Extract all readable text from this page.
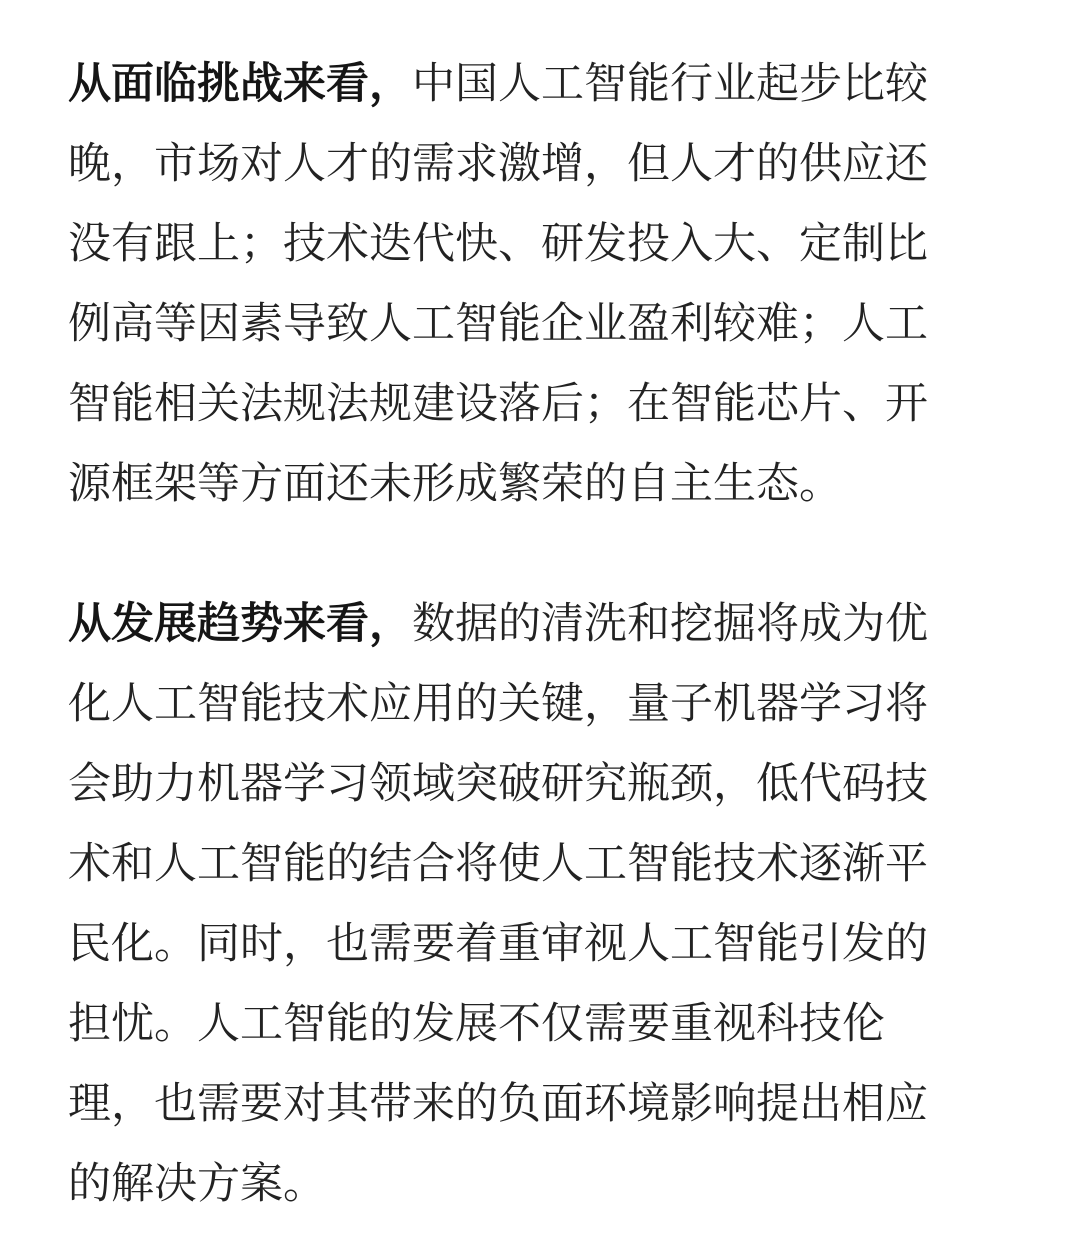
从面临挑战来看，中国人工智能行业起步比较
晚，市场对人才的需求激增，但人才的供应还
没有跟上；技术迭代快、研发投入大、定制比
例高等因素导致人工智能企业盈利较难；人工
智能相关法规法规建设落后；在智能芯片、开
源框架等方面还未形成繁荣的自主生态。

从发展趋势来看，数据的清洗和挖掘将成为优
化人工智能技术应用的关键，量子机器学习将
会助力机器学习领域突破研究瓶颈，低代码技
术和人工智能的结合将使人工智能技术逐渐平
民化。同时，也需要着重审视人工智能引发的
担忧。人工智能的发展不仅需要重视科技伦
理，也需要对其带来的负面环境影响提出相应
的解决方案。
